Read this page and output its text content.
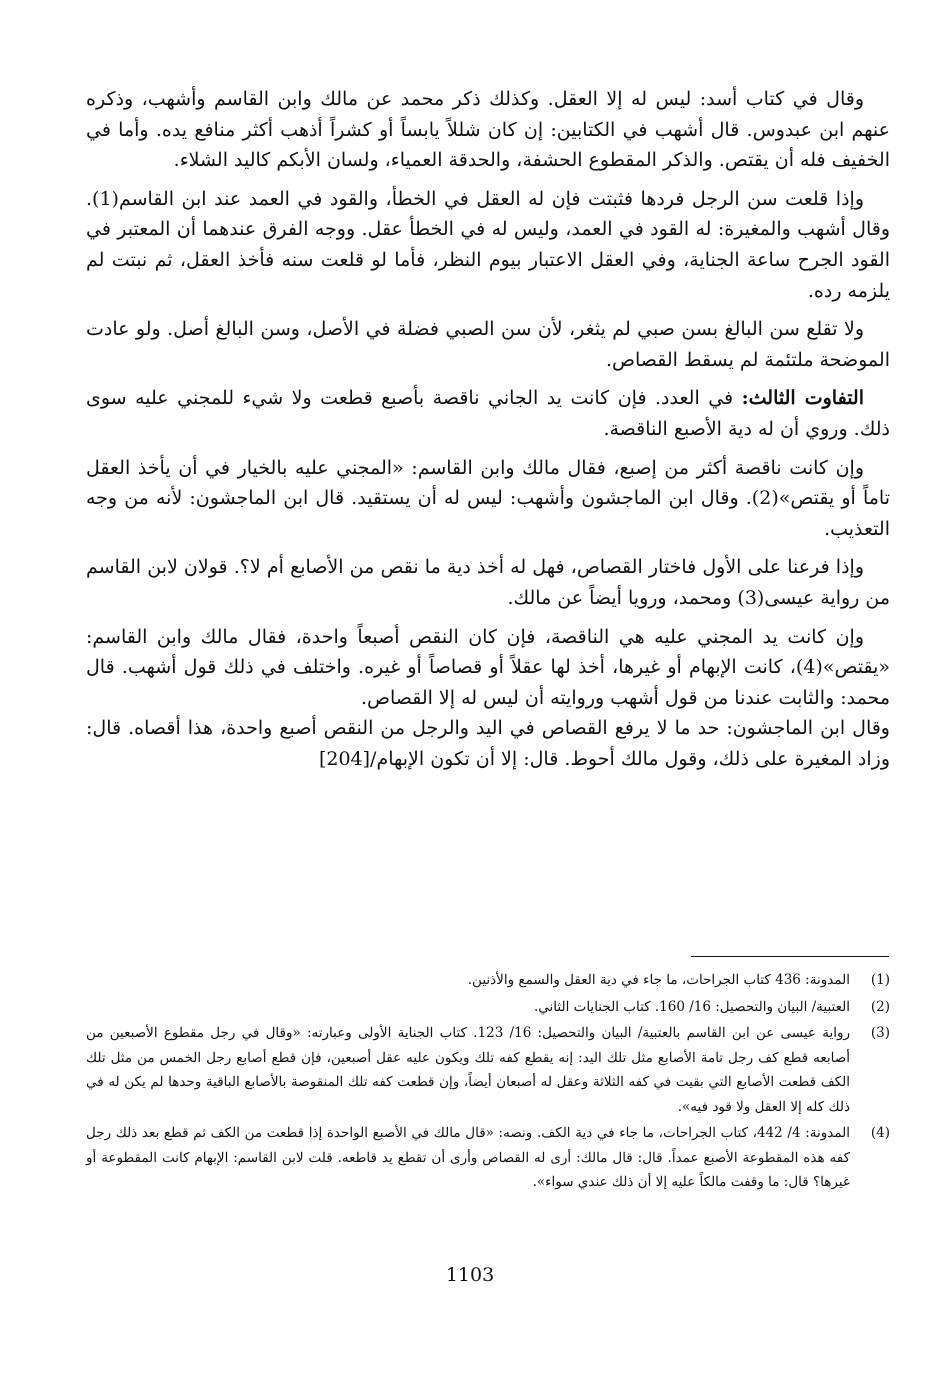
وقال في كتاب أسد: ليس له إلا العقل. وكذلك ذكر محمد عن مالك وابن القاسم وأشهب، وذكره عنهم ابن عبدوس. قال أشهب في الكتابين: إن كان شللاً يابساً أو كشراً أذهب أكثر منافع يده. وأما في الخفيف فله أن يقتص. والذكر المقطوع الحشفة، والحدقة العمياء، ولسان الأبكم كاليد الشلاء.

وإذا قلعت سن الرجل فردها فثبتت فإن له العقل في الخطأ، والقود في العمد عند ابن القاسم(1). وقال أشهب والمغيرة: له القود في العمد، وليس له في الخطأ عقل. ووجه الفرق عندهما أن المعتبر في القود الجرح ساعة الجناية، وفي العقل الاعتبار بيوم النظر، فأما لو قلعت سنه فأخذ العقل، ثم نبتت لم يلزمه رده.

ولا تقلع سن البالغ بسن صبي لم يثغر، لأن سن الصبي فضلة في الأصل، وسن البالغ أصل. ولو عادت الموضحة ملتئمة لم يسقط القصاص.

التفاوت الثالث: في العدد. فإن كانت يد الجاني ناقصة بأصبع قطعت ولا شيء للمجني عليه سوى ذلك. وروي أن له دية الأصبع الناقصة.

وإن كانت ناقصة أكثر من إصبع، فقال مالك وابن القاسم: «المجني عليه بالخيار في أن يأخذ العقل تاماً أو يقتص»(2). وقال ابن الماجشون وأشهب: ليس له أن يستقيد. قال ابن الماجشون: لأنه من وجه التعذيب.

وإذا فرعنا على الأول فاختار القصاص، فهل له أخذ دية ما نقص من الأصابع أم لا؟. قولان لابن القاسم من رواية عيسى(3) ومحمد، ورويا أيضاً عن مالك.

وإن كانت يد المجني عليه هي الناقصة، فإن كان النقص أصبعاً واحدة، فقال مالك وابن القاسم: «يقتص»(4)، كانت الإبهام أو غيرها، أخذ لها عقلاً أو قصاصاً أو غيره. واختلف في ذلك قول أشهب. قال محمد: والثابت عندنا من قول أشهب وروايته أن ليس له إلا القصاص.

وقال ابن الماجشون: حد ما لا يرفع القصاص في اليد والرجل من النقص أصبع واحدة، هذا أقصاه. قال: وزاد المغيرة على ذلك، وقول مالك أحوط. قال: إلا أن تكون الإبهام/[204]

(1)
المدونة: 436 كتاب الجراحات، ما جاء في دية العقل والسمع والأذنين.
(2)
العتبية/ البيان والتحصيل: 16/ 160. كتاب الجنايات الثاني.
(3)
رواية عيسى عن ابن القاسم بالعتبية/ البيان والتحصيل: 16/ 123. كتاب الجناية الأولى وعبارته: «وقال في رجل مقطوع الأصبعين من أصابعه قطع كف رجل تامة الأصابع مثل تلك اليد: إنه يقطع كفه تلك ويكون عليه عقل أصبعين، فإن قطع أصابع رجل الخمس من مثل تلك الكف قطعت الأصابع التي بقيت في كفه الثلاثة وعقل له أصبعان أيضاً، وإن قطعت كفه تلك المنقوصة بالأصابع الباقية وحدها لم يكن له في ذلك كله إلا العقل ولا قود فيه».
(4)
المدونة: 4/ 442، كتاب الجراحات، ما جاء في دية الكف. ونصه: «قال مالك في الأصبع الواحدة إذا قطعت من الكف ثم قطع بعد ذلك رجل كفه هذه المقطوعة الأصبع عمداً. قال: قال مالك: أرى له القصاص وأرى أن تقطع يد قاطعه. قلت لابن القاسم: الإبهام كانت المقطوعة أو غيرها؟ قال: ما وقفت مالكاً عليه إلا أن ذلك عندي سواء».
1103
